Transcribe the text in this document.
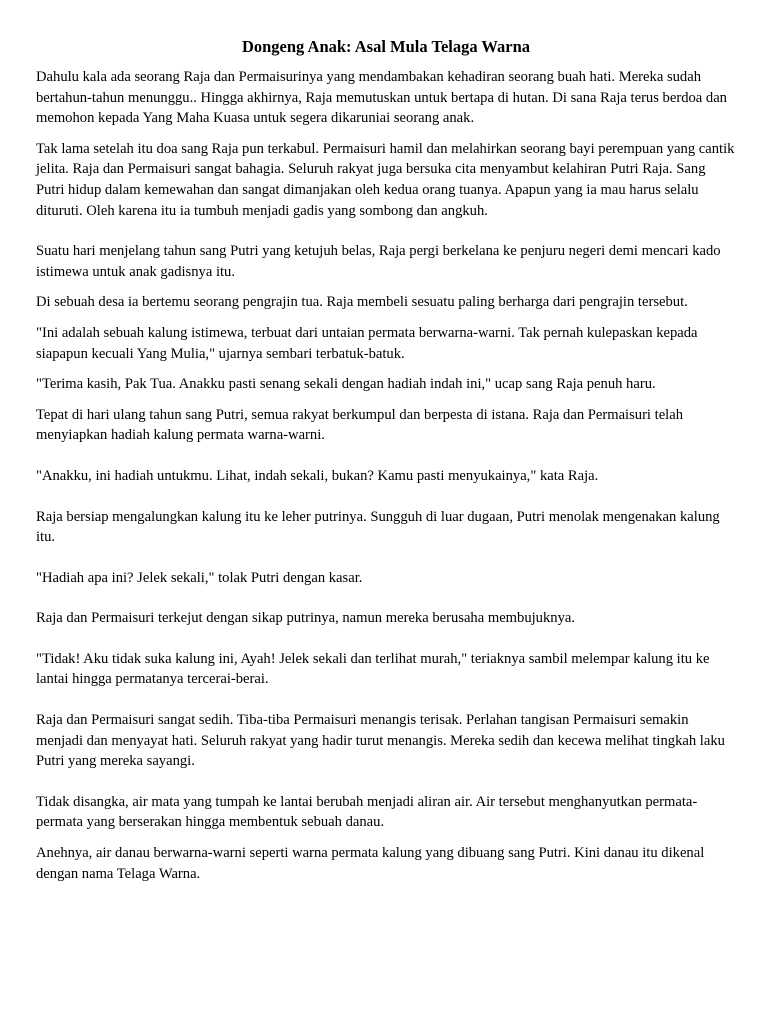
Dongeng Anak: Asal Mula Telaga Warna

Dahulu kala ada seorang Raja dan Permaisurinya yang mendambakan kehadiran seorang buah hati. Mereka sudah bertahun-tahun menunggu.. Hingga akhirnya, Raja memutuskan untuk bertapa di hutan. Di sana Raja terus berdoa dan memohon kepada Yang Maha Kuasa untuk segera dikaruniai seorang anak.

Tak lama setelah itu doa sang Raja pun terkabul. Permaisuri hamil dan melahirkan seorang bayi perempuan yang cantik jelita. Raja dan Permaisuri sangat bahagia. Seluruh rakyat juga bersuka cita menyambut kelahiran Putri Raja. Sang Putri hidup dalam kemewahan dan sangat dimanjakan oleh kedua orang tuanya. Apapun yang ia mau harus selalu dituruti. Oleh karena itu ia tumbuh menjadi gadis yang sombong dan angkuh.

Suatu hari menjelang tahun sang Putri yang ketujuh belas, Raja pergi berkelana ke penjuru negeri demi mencari kado istimewa untuk anak gadisnya itu.

Di sebuah desa ia bertemu seorang pengrajin tua. Raja membeli sesuatu paling berharga dari pengrajin tersebut.

"Ini adalah sebuah kalung istimewa, terbuat dari untaian permata berwarna-warni. Tak pernah kulepaskan kepada siapapun kecuali Yang Mulia," ujarnya sembari terbatuk-batuk.

"Terima kasih, Pak Tua. Anakku pasti senang sekali dengan hadiah indah ini," ucap sang Raja penuh haru.

Tepat di hari ulang tahun sang Putri, semua rakyat berkumpul dan berpesta di istana. Raja dan Permaisuri telah menyiapkan hadiah kalung permata warna-warni.

"Anakku, ini hadiah untukmu. Lihat, indah sekali, bukan? Kamu pasti menyukainya," kata Raja.

Raja bersiap mengalungkan kalung itu ke leher putrinya. Sungguh di luar dugaan, Putri menolak mengenakan kalung itu.

"Hadiah apa ini? Jelek sekali," tolak Putri dengan kasar.

Raja dan Permaisuri terkejut dengan sikap putrinya, namun mereka berusaha membujuknya.

"Tidak! Aku tidak suka kalung ini, Ayah! Jelek sekali dan terlihat murah," teriaknya sambil melempar kalung itu ke lantai hingga permatanya tercerai-berai.

Raja dan Permaisuri sangat sedih. Tiba-tiba Permaisuri menangis terisak. Perlahan tangisan Permaisuri semakin menjadi dan menyayat hati. Seluruh rakyat yang hadir turut menangis. Mereka sedih dan kecewa melihat tingkah laku Putri yang mereka sayangi.

Tidak disangka, air mata yang tumpah ke lantai berubah menjadi aliran air. Air tersebut menghanyutkan permata-permata yang berserakan hingga membentuk sebuah danau.

Anehnya, air danau berwarna-warni seperti warna permata kalung yang dibuang sang Putri. Kini danau itu dikenal dengan nama Telaga Warna.
